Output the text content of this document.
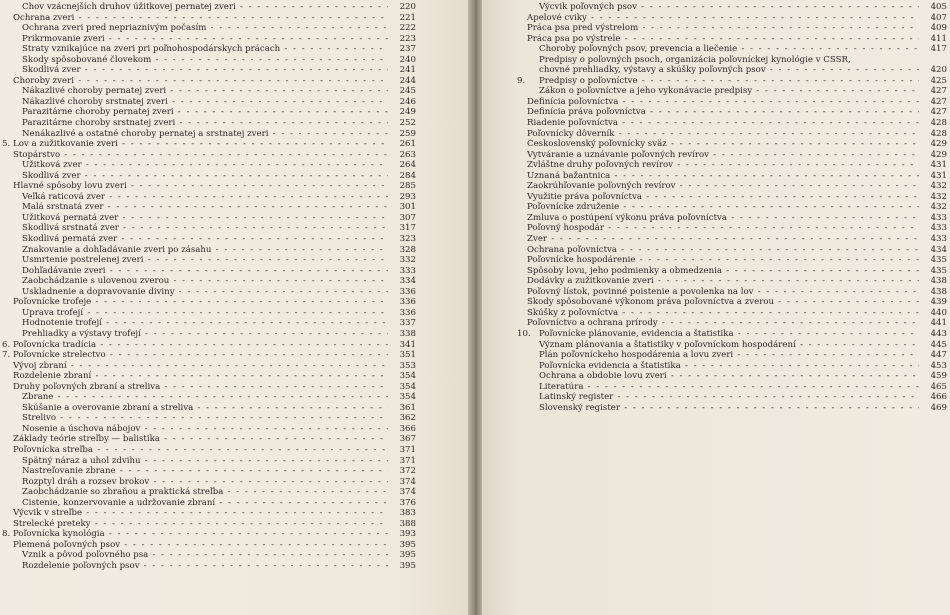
Chov vzácnejších druhov úžitkovej pernatej zveri - - -	220
Ochrana zveri - - -	221
Ochrana zveri pred nepriaznivým počasím - - -	222
Prikrmovanie zveri - - -	223
Straty vznikajúce na zveri pri poľnohospodárskych prácach - - -	237
Škody spôsobované človekom - - -	240
Škodlivá zver - - -	241
Choroby zveri - - -	244
Nákazlivé choroby pernatej zveri - - -	245
Nákazlivé choroby srstnatej zveri - - -	246
Parazitárne choroby pernatej zveri - - -	249
Parazitárne choroby srstnatej zveri - - -	252
Nenákazlivé a ostatné choroby pernatej a srstnatej zveri - - -	259
5. Lov a zužitkovanie zveri - - -	261
Stopárstvo - - -	263
Úžitková zver - - -	264
Škodlivá zver - - -	284
Hlavné spôsoby lovu zveri - - -	285
Veľká raticová zver - - -	293
Malá srstnatá zver - - -	301
Úžitková pernatá zver - - -	307
Škodlivá srstnatá zver - - -	317
Škodlivá pernatá zver - - -	323
Znakovanie a dohľadávanie zveri po zásahu - - -	328
Usmrtenie postrelenej zveri - - -	332
Dohľadávanie zveri - - -	333
Zaobchádzanie s ulovenou zverou - - -	334
Uskladnenie a dopravovanie diviny - - -	336
Poľovnícke trofeje - - -	336
Úprava trofejí - - -	336
Hodnotenie trofejí - - -	337
Prehliadky a výstavy trofejí - - -	338
6. Poľovnícka tradícia - - -	341
7. Poľovnícke strelectvo - - -	351
Vývoj zbraní - - -	353
Rozdelenie zbraní - - -	354
Druhy poľovných zbraní a streliva - - -	354
Zbrane - - -	354
Skúšanie a overovanie zbraní a streliva - - -	361
Strelivo - - -	362
Nosenie a úschova nábojov - - -	366
Základy teórie streľby — balistika - - -	367
Poľovnícka streľba - - -	371
Spätný náraz a uhol zdvihu - - -	371
Nastreľovanie zbrane - - -	372
Rozptyl dráh a rozsev brokov - - -	374
Zaobchádzanie so zbraňou a praktická streľba - - -	374
Čistenie, konzervovanie a udržovanie zbraní - - -	376
Výcvik v streľbe - - -	383
Strelecké preteky - - -	388
8. Poľovnícka kynológia - - -	393
Plemená poľovných psov - - -	395
Vznik a pôvod poľovného psa - - -	395
Rozdelenie poľovných psov - - -	395
Výcvik poľovných psov - - -	405
Apelové cviky - - -	407
Práca psa pred výstrelom - - -	409
Práca psa po výstrele - - -	411
Choroby poľovných psov, prevencia a liečenie - - -	417
Predpisy o poľovných psoch, organizácia poľovníckej kynológie v ČSSR,
chovné prehliadky, výstavy a skúšky poľovných psov - - -	420
9. Predpisy o poľovníctve - - -	425
Zákon o poľovníctve a jeho vykonávacie predpisy - - -	427
Definícia poľovníctva - - -	427
Definícia práva poľovníctva - - -	427
Riadenie poľovníctva - - -	428
Poľovnícky dôverník - - -	428
Československý poľovnícky sväz - - -	429
Vytváranie a uznávanie poľovných revírov - - -	429
Zvláštne druhy poľovných revírov - - -	431
Uznaná bažantnica - - -	431
Zaokrúhľovanie poľovných revírov - - -	432
Využitie práva poľovníctva - - -	432
Poľovnícke združenie - - -	432
Zmluva o postúpení výkonu práva poľovníctva - - -	433
Poľovný hospodár - - -	433
Zver - - -	433
Ochrana poľovníctva - - -	434
Poľovnícke hospodárenie - - -	435
Spôsoby lovu, jeho podmienky a obmedzenia - - -	435
Dodávky a zužitkovanie zveri - - -	438
Poľovný lístok, povinné poistenie a povolenka na lov - - -	438
Škody spôsobované výkonom práva poľovníctva a zverou - - -	439
Skúšky z poľovníctva - - -	440
Poľovníctvo a ochrana prírody - - -	441
10. Poľovnícke plánovanie, evidencia a štatistika - - -	443
Význam plánovania a štatistiky v poľovníckom hospodárení - - -	445
Plán poľovníckeho hospodárenia a lovu zveri - - -	447
Poľovnícka evidencia a štatistika - - -	453
Ochrana a obdobie lovu zveri - - -	459
Literatúra - - -	465
Latinský register - - -	466
Slovenský register - - -	469
